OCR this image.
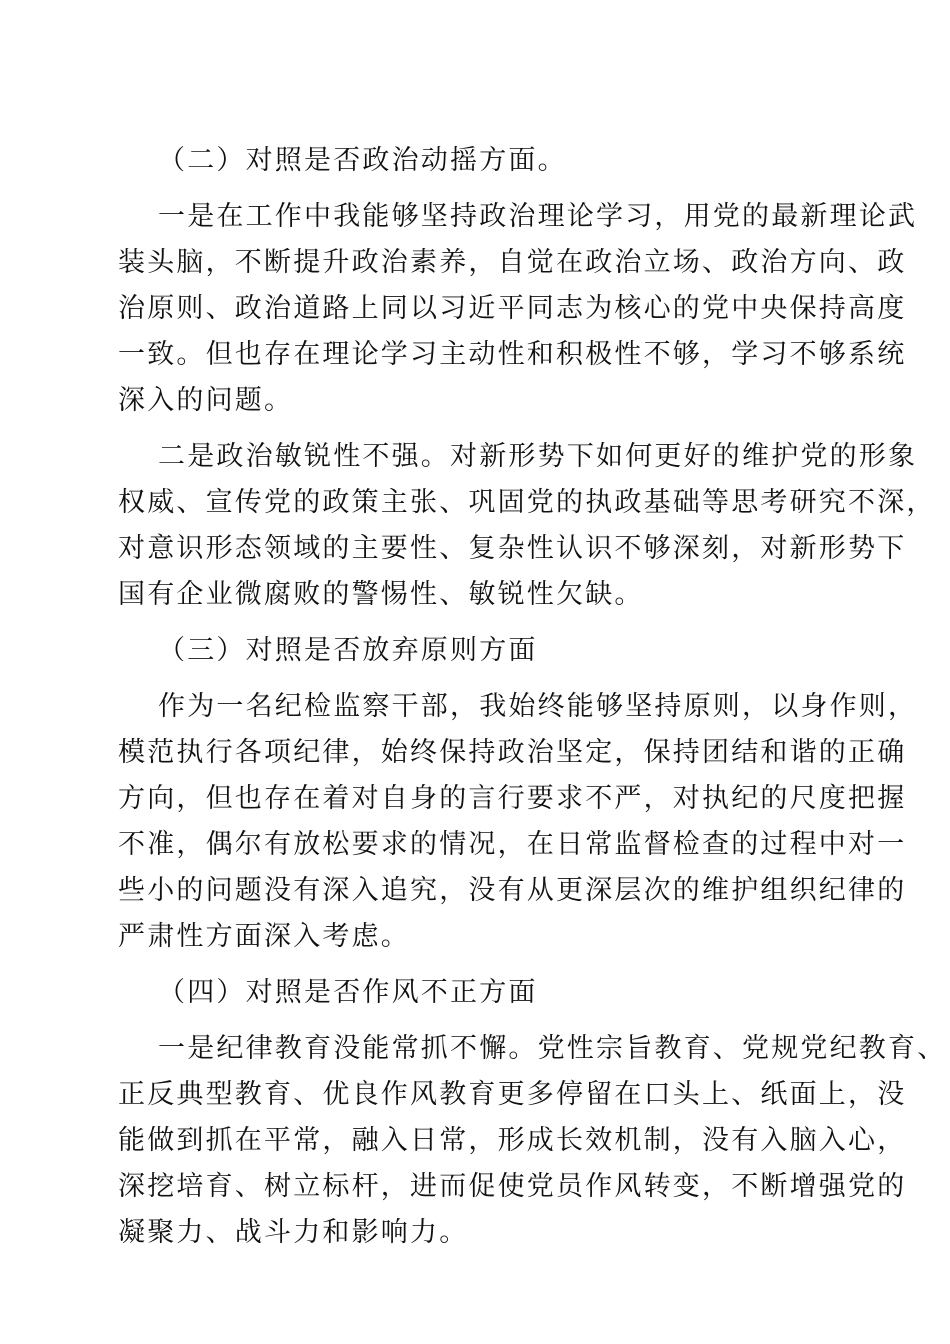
（二）对照是否政治动摇方面。
一是在工作中我能够坚持政治理论学习，用党的最新理论武
装头脑，不断提升政治素养，自觉在政治立场、政治方向、政
治原则、政治道路上同以习近平同志为核心的党中央保持高度
一致。但也存在理论学习主动性和积极性不够，学习不够系统
深入的问题。
二是政治敏锐性不强。对新形势下如何更好的维护党的形象
权威、宣传党的政策主张、巩固党的执政基础等思考研究不深，
对意识形态领域的主要性、复杂性认识不够深刻，对新形势下
国有企业微腐败的警惕性、敏锐性欠缺。
（三）对照是否放弃原则方面
作为一名纪检监察干部，我始终能够坚持原则，以身作则，
模范执行各项纪律，始终保持政治坚定，保持团结和谐的正确
方向，但也存在着对自身的言行要求不严，对执纪的尺度把握
不准，偶尔有放松要求的情况，在日常监督检查的过程中对一
些小的问题没有深入追究，没有从更深层次的维护组织纪律的
严肃性方面深入考虑。
（四）对照是否作风不正方面
一是纪律教育没能常抓不懈。党性宗旨教育、党规党纪教育、
正反典型教育、优良作风教育更多停留在口头上、纸面上，没
能做到抓在平常，融入日常，形成长效机制，没有入脑入心，
深挖培育、树立标杆，进而促使党员作风转变，不断增强党的
凝聚力、战斗力和影响力。
